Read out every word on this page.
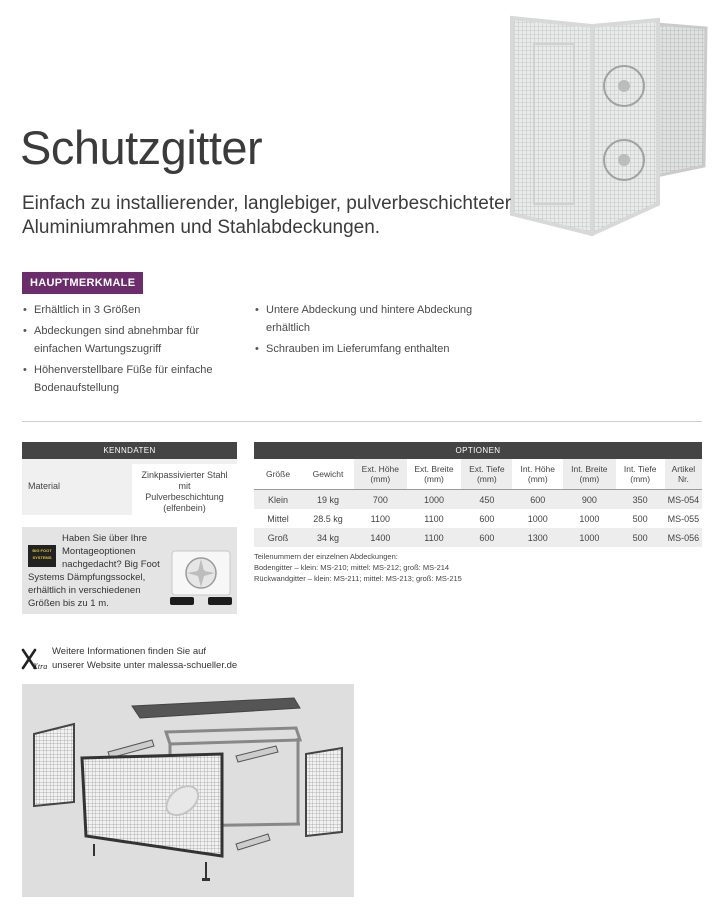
Schutzgitter
Einfach zu installierender, langlebiger, pulverbeschichteter Aluminiumrahmen und Stahlabdeckungen.
HAUPTMERKMALE
• Erhältlich in 3 Größen
• Abdeckungen sind abnehmbar für einfachen Wartungszugriff
• Höhenverstellbare Füße für einfache Bodenaufstellung
• Untere Abdeckung und hintere Abdeckung erhältlich
• Schrauben im Lieferumfang enthalten
KENNDATEN
Material
Zinkpassivierter Stahl mit Pulverbeschichtung (elfenbein)
Haben Sie über Ihre
Montageoptionen
nachgedacht? Big Foot
Systems Dämpfungssockel,
erhältlich in verschiedenen
Größen bis zu 1 m.
BIG FOOT SYSTEMS
OPTIONEN
Größe	Gewicht	Ext. Höhe (mm)	Ext. Breite (mm)	Ext. Tiefe (mm)	Int. Höhe (mm)	Int. Breite (mm)	Int. Tiefe (mm)	Artikel Nr.
Klein	19 kg	700	1000	450	600	900	350	MS-054
Mittel	28.5 kg	1100	1100	600	1000	1000	500	MS-055
Groß	34 kg	1400	1100	600	1300	1000	500	MS-056
Teilenummern der einzelnen Abdeckungen:
Bodengitter – klein: MS-210; mittel: MS-212; groß: MS-214
Rückwandgitter – klein: MS-211; mittel: MS-213; groß: MS-215
Xtra
Weitere Informationen finden Sie auf
unserer Website unter malessa-schueller.de
